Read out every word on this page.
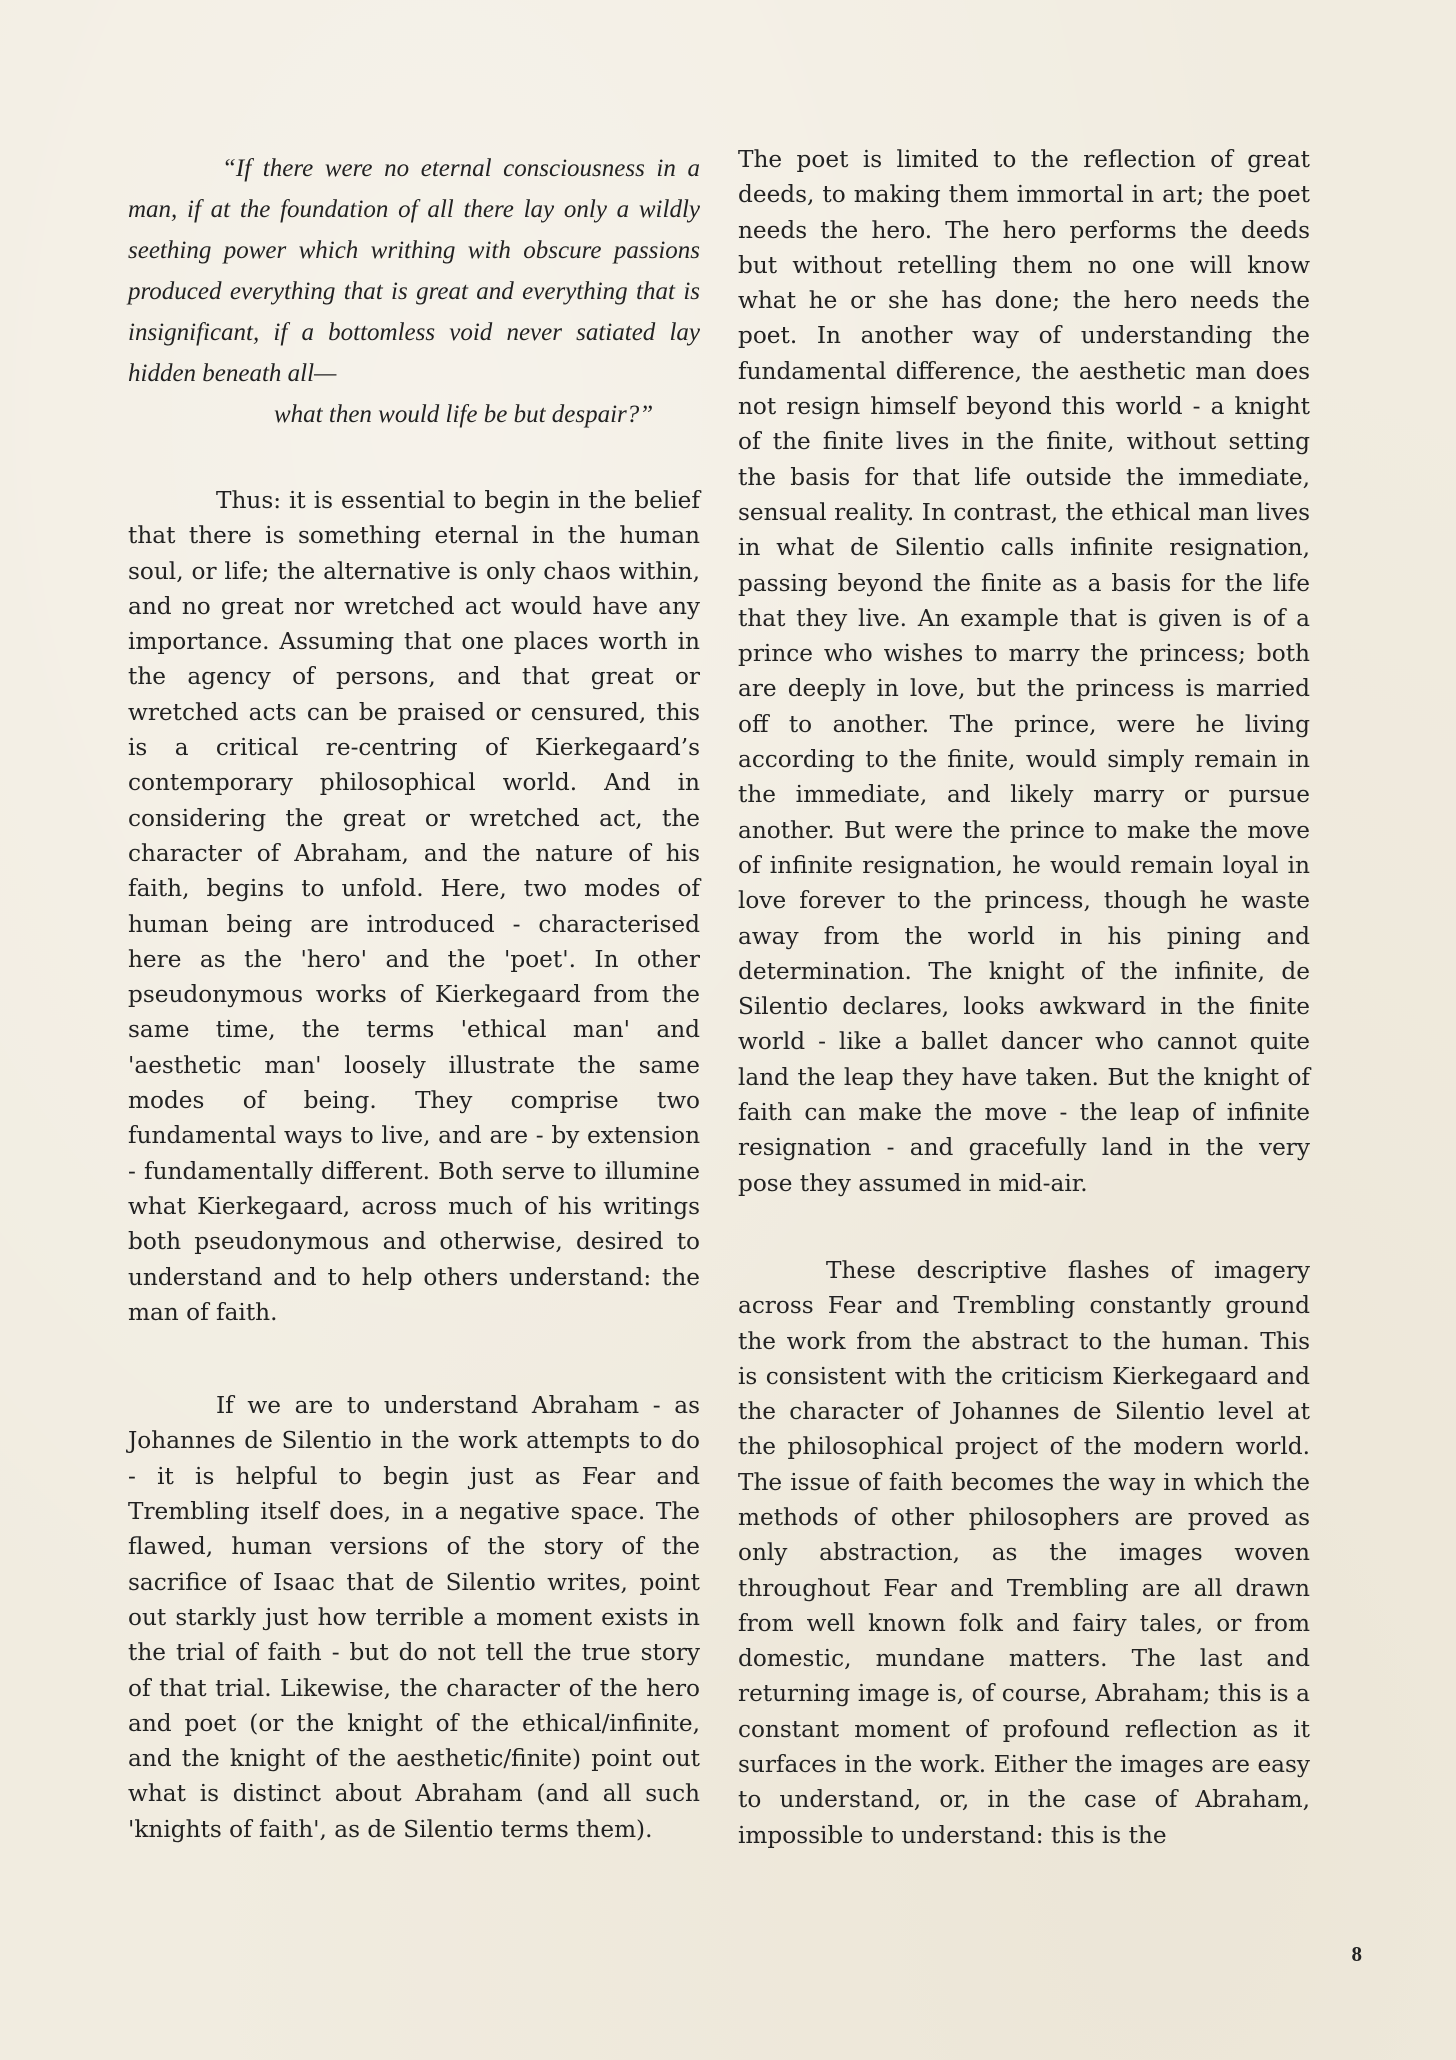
“If there were no eternal consciousness in a man, if at the foundation of all there lay only a wildly seething power which writhing with obscure passions produced everything that is great and everything that is insignificant, if a bottomless void never satiated lay hidden beneath all—

what then would life be but despair?”

Thus: it is essential to begin in the belief that there is something eternal in the human soul, or life; the alternative is only chaos within, and no great nor wretched act would have any importance. Assuming that one places worth in the agency of persons, and that great or wretched acts can be praised or censured, this is a critical re-centring of Kierkegaard’s contemporary philosophical world. And in considering the great or wretched act, the character of Abraham, and the nature of his faith, begins to unfold. Here, two modes of human being are introduced - characterised here as the 'hero' and the 'poet'. In other pseudonymous works of Kierkegaard from the same time, the terms 'ethical man' and 'aesthetic man' loosely illustrate the same modes of being. They comprise two fundamental ways to live, and are - by extension - fundamentally different. Both serve to illumine what Kierkegaard, across much of his writings both pseudonymous and otherwise, desired to understand and to help others understand: the man of faith.

If we are to understand Abraham - as Johannes de Silentio in the work attempts to do - it is helpful to begin just as Fear and Trembling itself does, in a negative space. The flawed, human versions of the story of the sacrifice of Isaac that de Silentio writes, point out starkly just how terrible a moment exists in the trial of faith - but do not tell the true story of that trial. Likewise, the character of the hero and poet (or the knight of the ethical/infinite, and the knight of the aesthetic/finite) point out what is distinct about Abraham (and all such 'knights of faith', as de Silentio terms them).

The poet is limited to the reflection of great deeds, to making them immortal in art; the poet needs the hero. The hero performs the deeds but without retelling them no one will know what he or she has done; the hero needs the poet. In another way of understanding the fundamental difference, the aesthetic man does not resign himself beyond this world - a knight of the finite lives in the finite, without setting the basis for that life outside the immediate, sensual reality. In contrast, the ethical man lives in what de Silentio calls infinite resignation, passing beyond the finite as a basis for the life that they live. An example that is given is of a prince who wishes to marry the princess; both are deeply in love, but the princess is married off to another. The prince, were he living according to the finite, would simply remain in the immediate, and likely marry or pursue another. But were the prince to make the move of infinite resignation, he would remain loyal in love forever to the princess, though he waste away from the world in his pining and determination. The knight of the infinite, de Silentio declares, looks awkward in the finite world - like a ballet dancer who cannot quite land the leap they have taken. But the knight of faith can make the move - the leap of infinite resignation - and gracefully land in the very pose they assumed in mid-air.

These descriptive flashes of imagery across Fear and Trembling constantly ground the work from the abstract to the human. This is consistent with the criticism Kierkegaard and the character of Johannes de Silentio level at the philosophical project of the modern world. The issue of faith becomes the way in which the methods of other philosophers are proved as only abstraction, as the images woven throughout Fear and Trembling are all drawn from well known folk and fairy tales, or from domestic, mundane matters. The last and returning image is, of course, Abraham; this is a constant moment of profound reflection as it surfaces in the work. Either the images are easy to understand, or, in the case of Abraham, impossible to understand: this is the

8
